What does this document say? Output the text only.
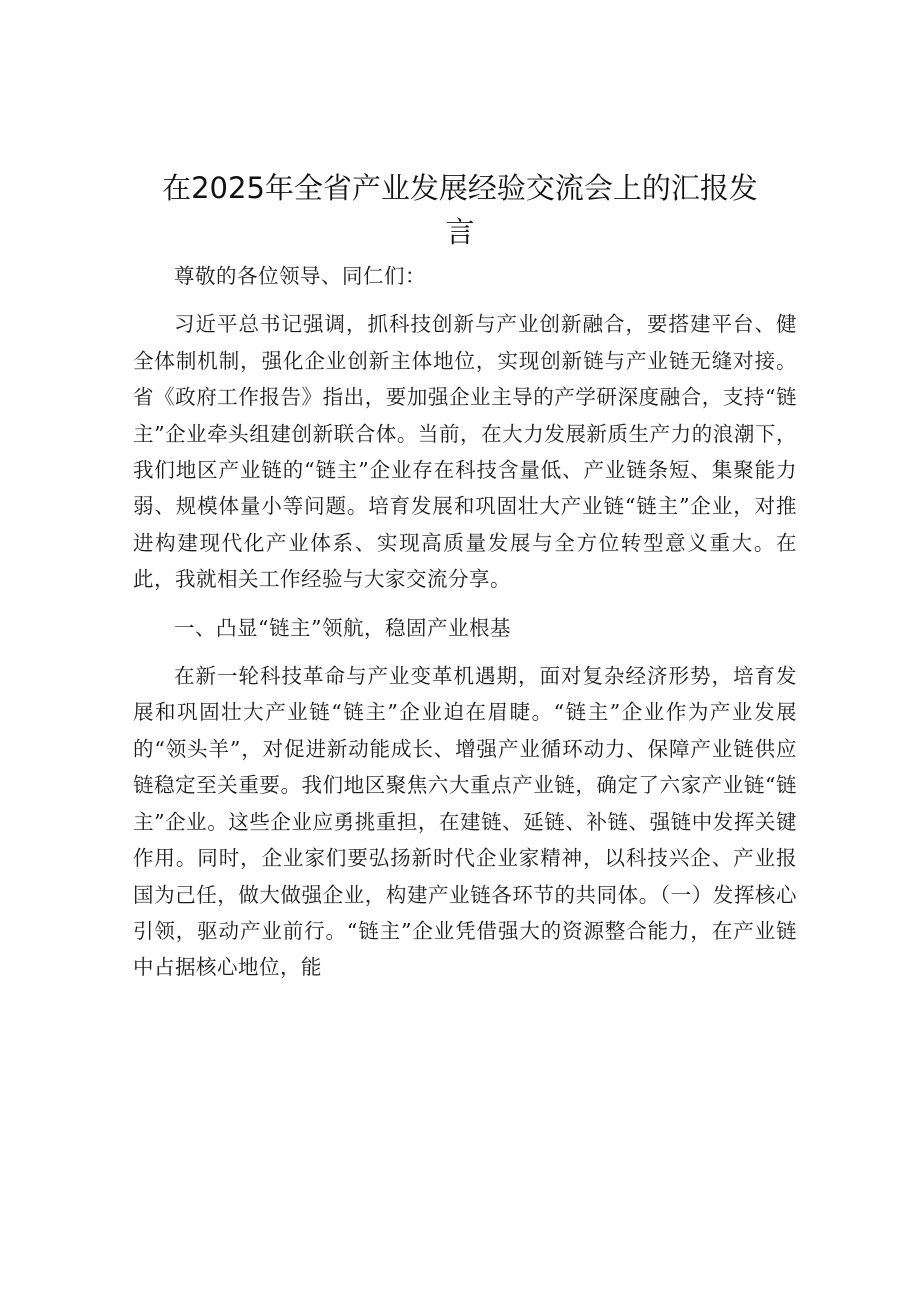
在2025年全省产业发展经验交流会上的汇报发言

尊敬的各位领导、同仁们：

习近平总书记强调，抓科技创新与产业创新融合，要搭建平台、健全体制机制，强化企业创新主体地位，实现创新链与产业链无缝对接。省《政府工作报告》指出，要加强企业主导的产学研深度融合，支持“链主”企业牵头组建创新联合体。当前，在大力发展新质生产力的浪潮下，我们地区产业链的“链主”企业存在科技含量低、产业链条短、集聚能力弱、规模体量小等问题。培育发展和巩固壮大产业链“链主”企业，对推进构建现代化产业体系、实现高质量发展与全方位转型意义重大。在此，我就相关工作经验与大家交流分享。

一、凸显“链主”领航，稳固产业根基

在新一轮科技革命与产业变革机遇期，面对复杂经济形势，培育发展和巩固壮大产业链“链主”企业迫在眉睫。“链主”企业作为产业发展的“领头羊”，对促进新动能成长、增强产业循环动力、保障产业链供应链稳定至关重要。我们地区聚焦六大重点产业链，确定了六家产业链“链主”企业。这些企业应勇挑重担，在建链、延链、补链、强链中发挥关键作用。同时，企业家们要弘扬新时代企业家精神，以科技兴企、产业报国为己任，做大做强企业，构建产业链各环节的共同体。（一）发挥核心引领，驱动产业前行。“链主”企业凭借强大的资源整合能力，在产业链中占据核心地位，能
